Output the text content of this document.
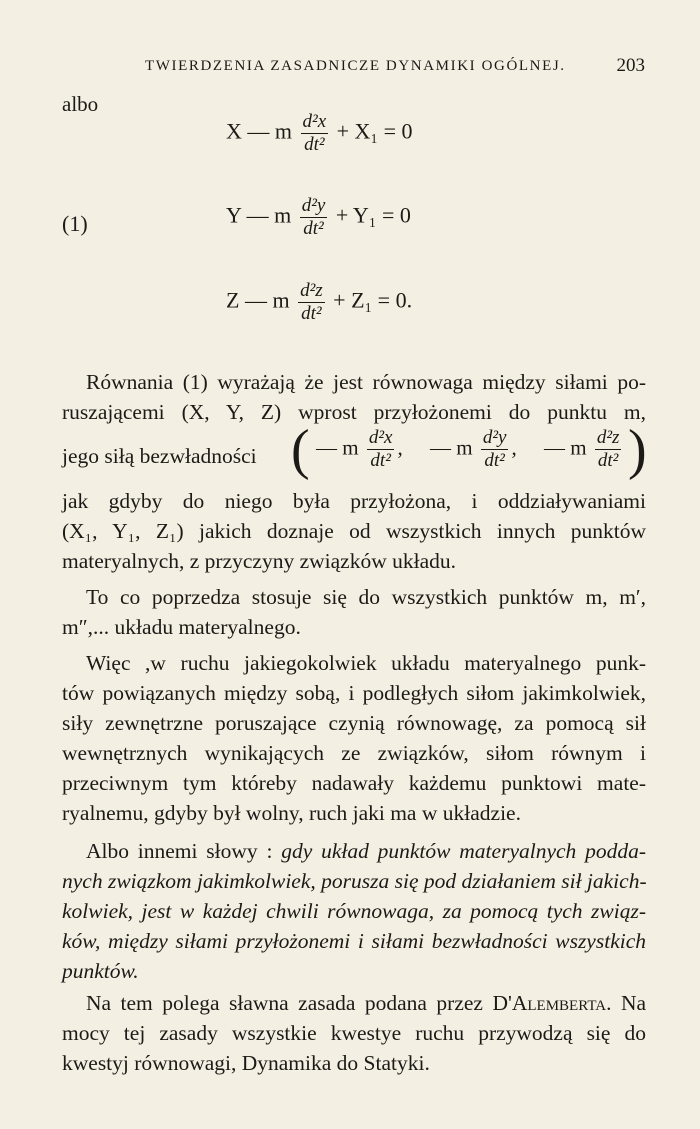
TWIERDZENIA ZASADNICZE DYNAMIKI OGÓLNEJ.	203
albo
X — m $\frac{\text{d²x}}{\text{dt²}} + X_1 = 0$
(1)	Y — m $\frac{\text{d²y}}{\text{dt²}} + Y_1 = 0$
Z — m $\frac{\text{d²z}}{\text{dt²}} + Z_1 = 0$.
Równania (1) wyrażają że jest równowaga między siłami po-
ruszającemi (X, Y, Z) wprost przyłożonemi do punktu m,
jego siłą bezwładności ( — m $\frac{\text{d²x}}{\text{dt²}}$ , — m $\frac{\text{d²y}}{\text{dt²}}$ , — m $\frac{\text{d²z}}{\text{dt²}}$ )
jak gdyby do niego była przyłożona, i oddziaływaniami
(X₁, Y₁, Z₁) jakich doznaje od wszystkich innych punktów
materyalnych, z przyczyny związków układu.
To co poprzedza stosuje się do wszystkich punktów m, m′,
m″,... układu materyalnego.
Więc ,w ruchu jakiegokolwiek układu materyalnego punk-
tów powiązanych między sobą, i podległych siłom jakimkolwiek,
siły zewnętrzne poruszające czynią równowagę, za pomocą sił
wewnętrznych wynikających ze związków, siłom równym i
przeciwnym tym któreby nadawały każdemu punktowi mate-
ryalnemu, gdyby był wolny, ruch jaki ma w układzie.
Albo innemi słowy : gdy układ punktów materyalnych podda-
nych związkom jakimkolwiek, porusza się pod działaniem sił jakich-
kolwiek, jest w każdej chwili równowaga, za pomocą tych związ-
ków, między siłami przyłożonemi i siłami bezwładności wszystkich
punktów.
Na tem polega sławna zasada podana przez D'Alemberta. Na
mocy tej zasady wszystkie kwestye ruchu przywodzą się do
kwestyj równowagi, Dynamika do Statyki.
